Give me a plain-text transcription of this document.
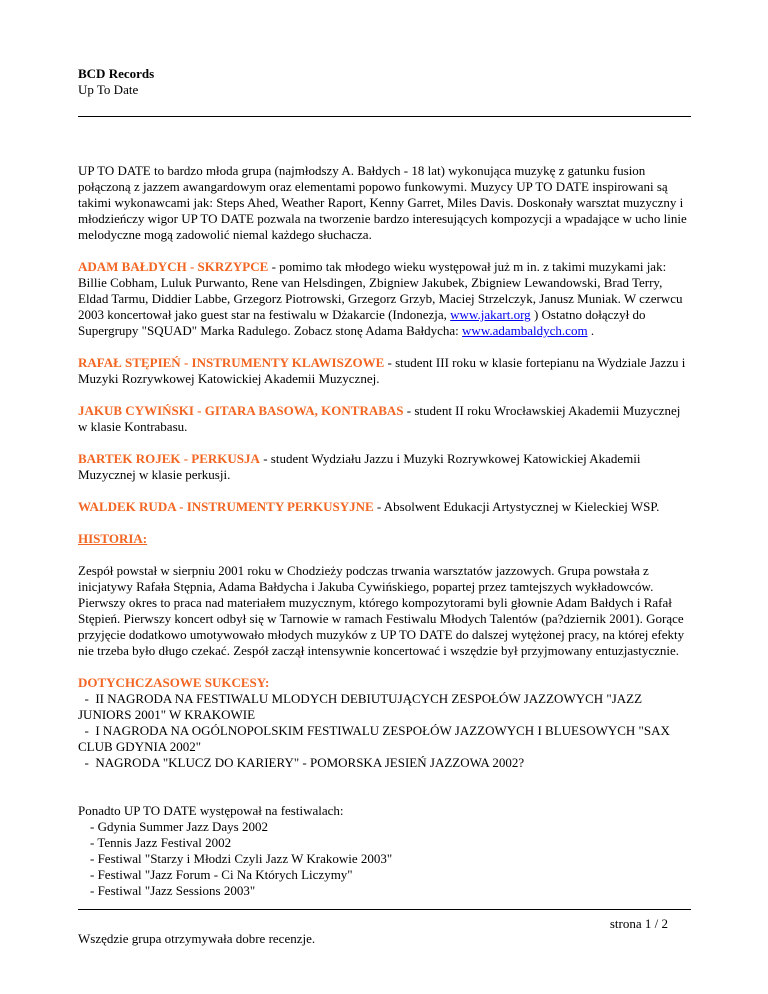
BCD Records
Up To Date

UP TO DATE to bardzo młoda grupa (najmłodszy A. Bałdych - 18 lat) wykonująca muzykę z gatunku fusion połączoną z jazzem awangardowym oraz elementami popowo funkowymi. Muzycy UP TO DATE inspirowani są takimi wykonawcami jak: Steps Ahed, Weather Raport, Kenny Garret, Miles Davis. Doskonały warsztat muzyczny i młodzieńczy wigor UP TO DATE pozwala na tworzenie bardzo interesujących kompozycji a wpadające w ucho linie melodyczne mogą zadowolić niemal każdego słuchacza.

ADAM BAŁDYCH - SKRZYPCE - pomimo tak młodego wieku występował już m in. z takimi muzykami jak: Billie Cobham, Luluk Purwanto, Rene van Helsdingen, Zbigniew Jakubek, Zbigniew Lewandowski, Brad Terry, Eldad Tarmu, Diddier Labbe, Grzegorz Piotrowski, Grzegorz Grzyb, Maciej Strzelczyk, Janusz Muniak. W czerwcu 2003 koncertował jako guest star na festiwalu w Dżakarcie (Indonezja, www.jakart.org ) Ostatno dołączył do Supergrupy "SQUAD" Marka Radulego. Zobacz stonę Adama Bałdycha: www.adambaldych.com .

RAFAŁ STĘPIEŃ - INSTRUMENTY KLAWISZOWE - student III roku w klasie fortepianu na Wydziale Jazzu i Muzyki Rozrywkowej Katowickiej Akademii Muzycznej.

JAKUB CYWIŃSKI - GITARA BASOWA, KONTRABAS - student II roku Wrocławskiej Akademii Muzycznej w klasie Kontrabasu.

BARTEK ROJEK - PERKUSJA - student Wydziału Jazzu i Muzyki Rozrywkowej Katowickiej Akademii Muzycznej w klasie perkusji.

WALDEK RUDA - INSTRUMENTY PERKUSYJNE - Absolwent Edukacji Artystycznej w Kieleckiej WSP.

HISTORIA:

Zespół powstał w sierpniu 2001 roku w Chodzieży podczas trwania warsztatów jazzowych. Grupa powstała z inicjatywy Rafała Stępnia, Adama Bałdycha i Jakuba Cywińskiego, popartej przez tamtejszych wykładowców. Pierwszy okres to praca nad materiałem muzycznym, którego kompozytorami byli głownie Adam Bałdych i Rafał Stępień. Pierwszy koncert odbył się w Tarnowie w ramach Festiwalu Młodych Talentów (pa?dziernik 2001). Gorące przyjęcie dodatkowo umotywowało młodych muzyków z UP TO DATE do dalszej wytężonej pracy, na której efekty nie trzeba było długo czekać. Zespół zaczął intensywnie koncertować i wszędzie był przyjmowany entuzjastycznie.

DOTYCHCZASOWE SUKCESY:
-  II NAGRODA NA FESTIWALU MLODYCH DEBIUTUJĄCYCH ZESPOŁÓW JAZZOWYCH "JAZZ JUNIORS 2001" W KRAKOWIE
-  I NAGRODA NA OGÓLNOPOLSKIM FESTIWALU ZESPOŁÓW JAZZOWYCH I BLUESOWYCH "SAX CLUB GDYNIA 2002"
-  NAGRODA "KLUCZ DO KARIERY" - POMORSKA JESIEŃ JAZZOWA 2002?
Ponadto UP TO DATE występował na festiwalach:
- Gdynia Summer Jazz Days 2002
- Tennis Jazz Festival 2002
- Festiwal "Starzy i Młodzi Czyli Jazz W Krakowie 2003"
- Festiwal "Jazz Forum - Ci Na Których Liczymy"
- Festiwal "Jazz Sessions 2003"

Wszędzie grupa otrzymywała dobre recenzje.

strona 1 / 2
